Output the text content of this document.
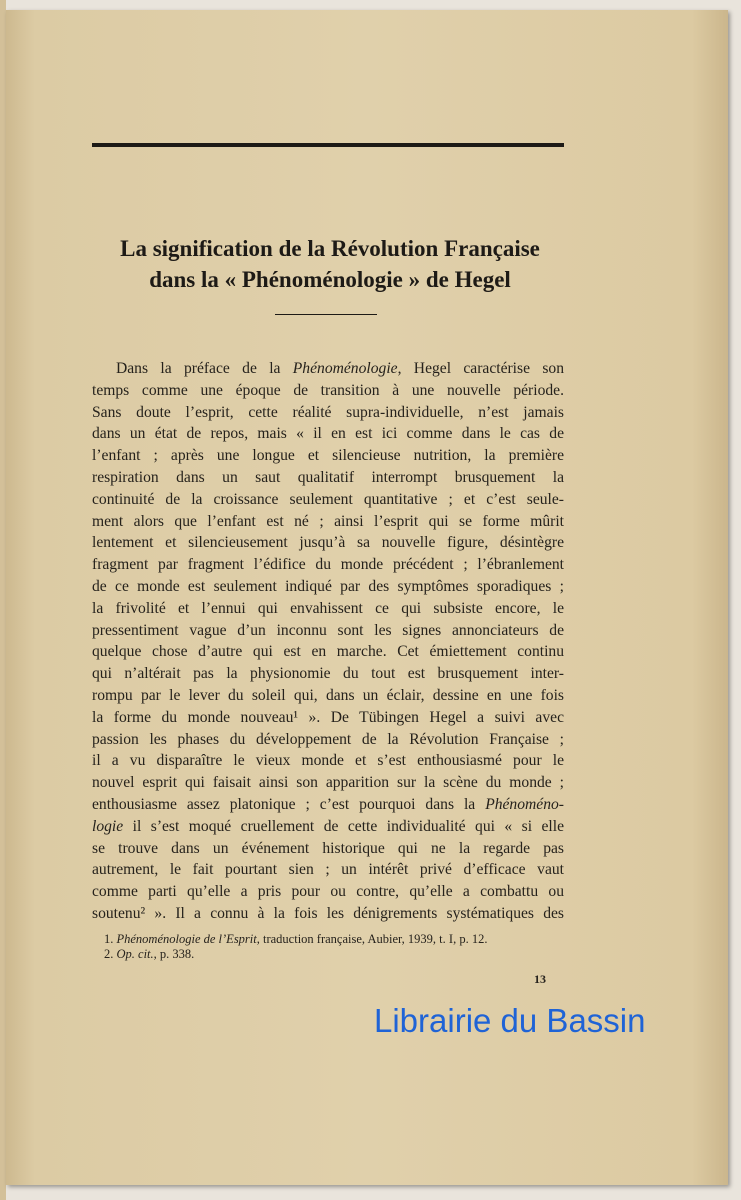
La signification de la Révolution Française
dans la « Phénoménologie » de Hegel
Dans la préface de la Phénoménologie, Hegel caractérise son
temps comme une époque de transition à une nouvelle période.
Sans doute l’esprit, cette réalité supra-individuelle, n’est jamais
dans un état de repos, mais « il en est ici comme dans le cas de
l’enfant ; après une longue et silencieuse nutrition, la première
respiration dans un saut qualitatif interrompt brusquement la
continuité de la croissance seulement quantitative ; et c’est seule-
ment alors que l’enfant est né ; ainsi l’esprit qui se forme mûrit
lentement et silencieusement jusqu’à sa nouvelle figure, désintègre
fragment par fragment l’édifice du monde précédent ; l’ébranlement
de ce monde est seulement indiqué par des symptômes sporadiques ;
la frivolité et l’ennui qui envahissent ce qui subsiste encore, le
pressentiment vague d’un inconnu sont les signes annonciateurs de
quelque chose d’autre qui est en marche. Cet émiettement continu
qui n’altérait pas la physionomie du tout est brusquement inter-
rompu par le lever du soleil qui, dans un éclair, dessine en une fois
la forme du monde nouveau¹ ». De Tübingen Hegel a suivi avec
passion les phases du développement de la Révolution Française ;
il a vu disparaître le vieux monde et s’est enthousiasmé pour le
nouvel esprit qui faisait ainsi son apparition sur la scène du monde ;
enthousiasme assez platonique ; c’est pourquoi dans la Phénoméno-
logie il s’est moqué cruellement de cette individualité qui « si elle
se trouve dans un événement historique qui ne la regarde pas
autrement, le fait pourtant sien ; un intérêt privé d’efficace vaut
comme parti qu’elle a pris pour ou contre, qu’elle a combattu ou
soutenu² ». Il a connu à la fois les dénigrements systématiques des
1. Phénoménologie de l’Esprit, traduction française, Aubier, 1939, t. I, p. 12.
2. Op. cit., p. 338.
13
Librairie du Bassin
